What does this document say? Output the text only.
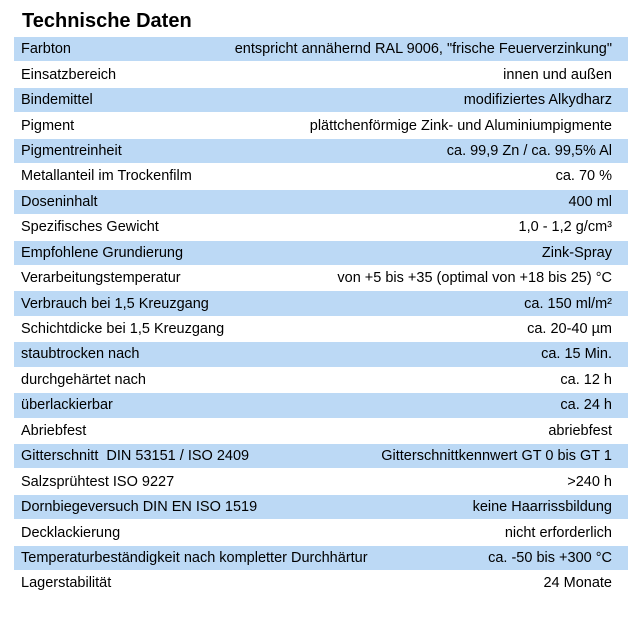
Technische Daten
Farbton	entspricht annähernd RAL 9006, "frische Feuerverzinkung"
Einsatzbereich	innen und außen
Bindemittel	modifiziertes Alkydharz
Pigment	plättchenförmige Zink- und Aluminiumpigmente
Pigmentreinheit	ca. 99,9 Zn / ca. 99,5% Al
Metallanteil im Trockenfilm	ca. 70 %
Doseninhalt	400 ml
Spezifisches Gewicht	1,0 - 1,2 g/cm³
Empfohlene Grundierung	Zink-Spray
Verarbeitungstemperatur	von +5 bis +35 (optimal von +18 bis 25) °C
Verbrauch bei 1,5 Kreuzgang	ca. 150 ml/m²
Schichtdicke bei 1,5 Kreuzgang	ca. 20-40 µm
staubtrocken nach	ca. 15 Min.
durchgehärtet nach	ca. 12 h
überlackierbar	ca. 24 h
Abriebfest	abriebfest
Gitterschnitt  DIN 53151 / ISO 2409	Gitterschnittkennwert GT 0 bis GT 1
Salzsprühtest ISO 9227	>240 h
Dornbiegeversuch DIN EN ISO 1519	keine Haarrissbildung
Decklackierung	nicht erforderlich
Temperaturbeständigkeit nach kompletter Durchhärtur	ca. -50 bis +300 °C
Lagerstabilität	24 Monate
